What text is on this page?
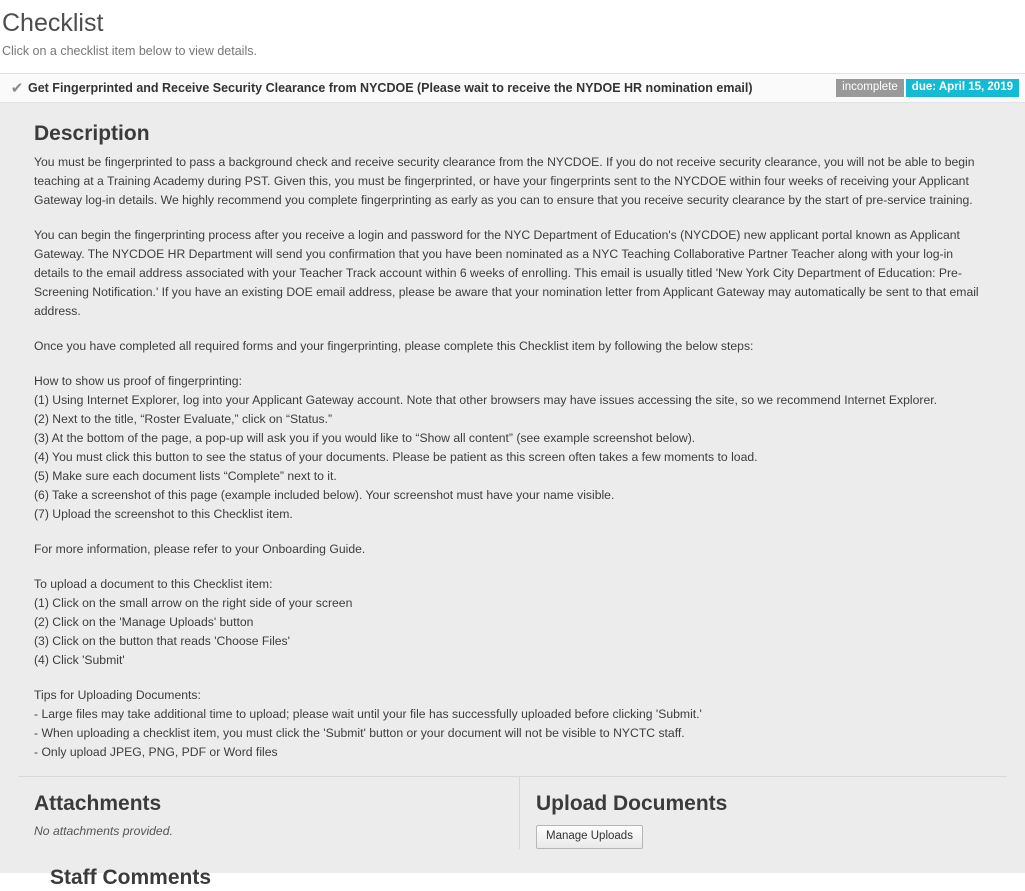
Checklist
Click on a checklist item below to view details.
✔ Get Fingerprinted and Receive Security Clearance from NYCDOE (Please wait to receive the NYDOE HR nomination email)	incomplete	due: April 15, 2019
Description

You must be fingerprinted to pass a background check and receive security clearance from the NYCDOE. If you do not receive security clearance, you will not be able to begin teaching at a Training Academy during PST. Given this, you must be fingerprinted, or have your fingerprints sent to the NYCDOE within four weeks of receiving your Applicant Gateway log-in details. We highly recommend you complete fingerprinting as early as you can to ensure that you receive security clearance by the start of pre-service training.

You can begin the fingerprinting process after you receive a login and password for the NYC Department of Education's (NYCDOE) new applicant portal known as Applicant Gateway. The NYCDOE HR Department will send you confirmation that you have been nominated as a NYC Teaching Collaborative Partner Teacher along with your log-in details to the email address associated with your Teacher Track account within 6 weeks of enrolling. This email is usually titled 'New York City Department of Education: Pre-Screening Notification.' If you have an existing DOE email address, please be aware that your nomination letter from Applicant Gateway may automatically be sent to that email address.

Once you have completed all required forms and your fingerprinting, please complete this Checklist item by following the below steps:

How to show us proof of fingerprinting:

(1) Using Internet Explorer, log into your Applicant Gateway account. Note that other browsers may have issues accessing the site, so we recommend Internet Explorer.

(2) Next to the title, “Roster Evaluate,” click on “Status.”

(3) At the bottom of the page, a pop-up will ask you if you would like to “Show all content” (see example screenshot below).

(4) You must click this button to see the status of your documents. Please be patient as this screen often takes a few moments to load.

(5) Make sure each document lists “Complete” next to it.

(6) Take a screenshot of this page (example included below). Your screenshot must have your name visible.

(7) Upload the screenshot to this Checklist item.

For more information, please refer to your Onboarding Guide.

To upload a document to this Checklist item:

(1) Click on the small arrow on the right side of your screen

(2) Click on the 'Manage Uploads' button

(3) Click on the button that reads 'Choose Files'

(4) Click 'Submit'

Tips for Uploading Documents:

- Large files may take additional time to upload; please wait until your file has successfully uploaded before clicking 'Submit.'

- When uploading a checklist item, you must click the 'Submit' button or your document will not be visible to NYCTC staff.

- Only upload JPEG, PNG, PDF or Word files

Attachments

No attachments provided.

Upload Documents
Manage Uploads
Staff Comments
